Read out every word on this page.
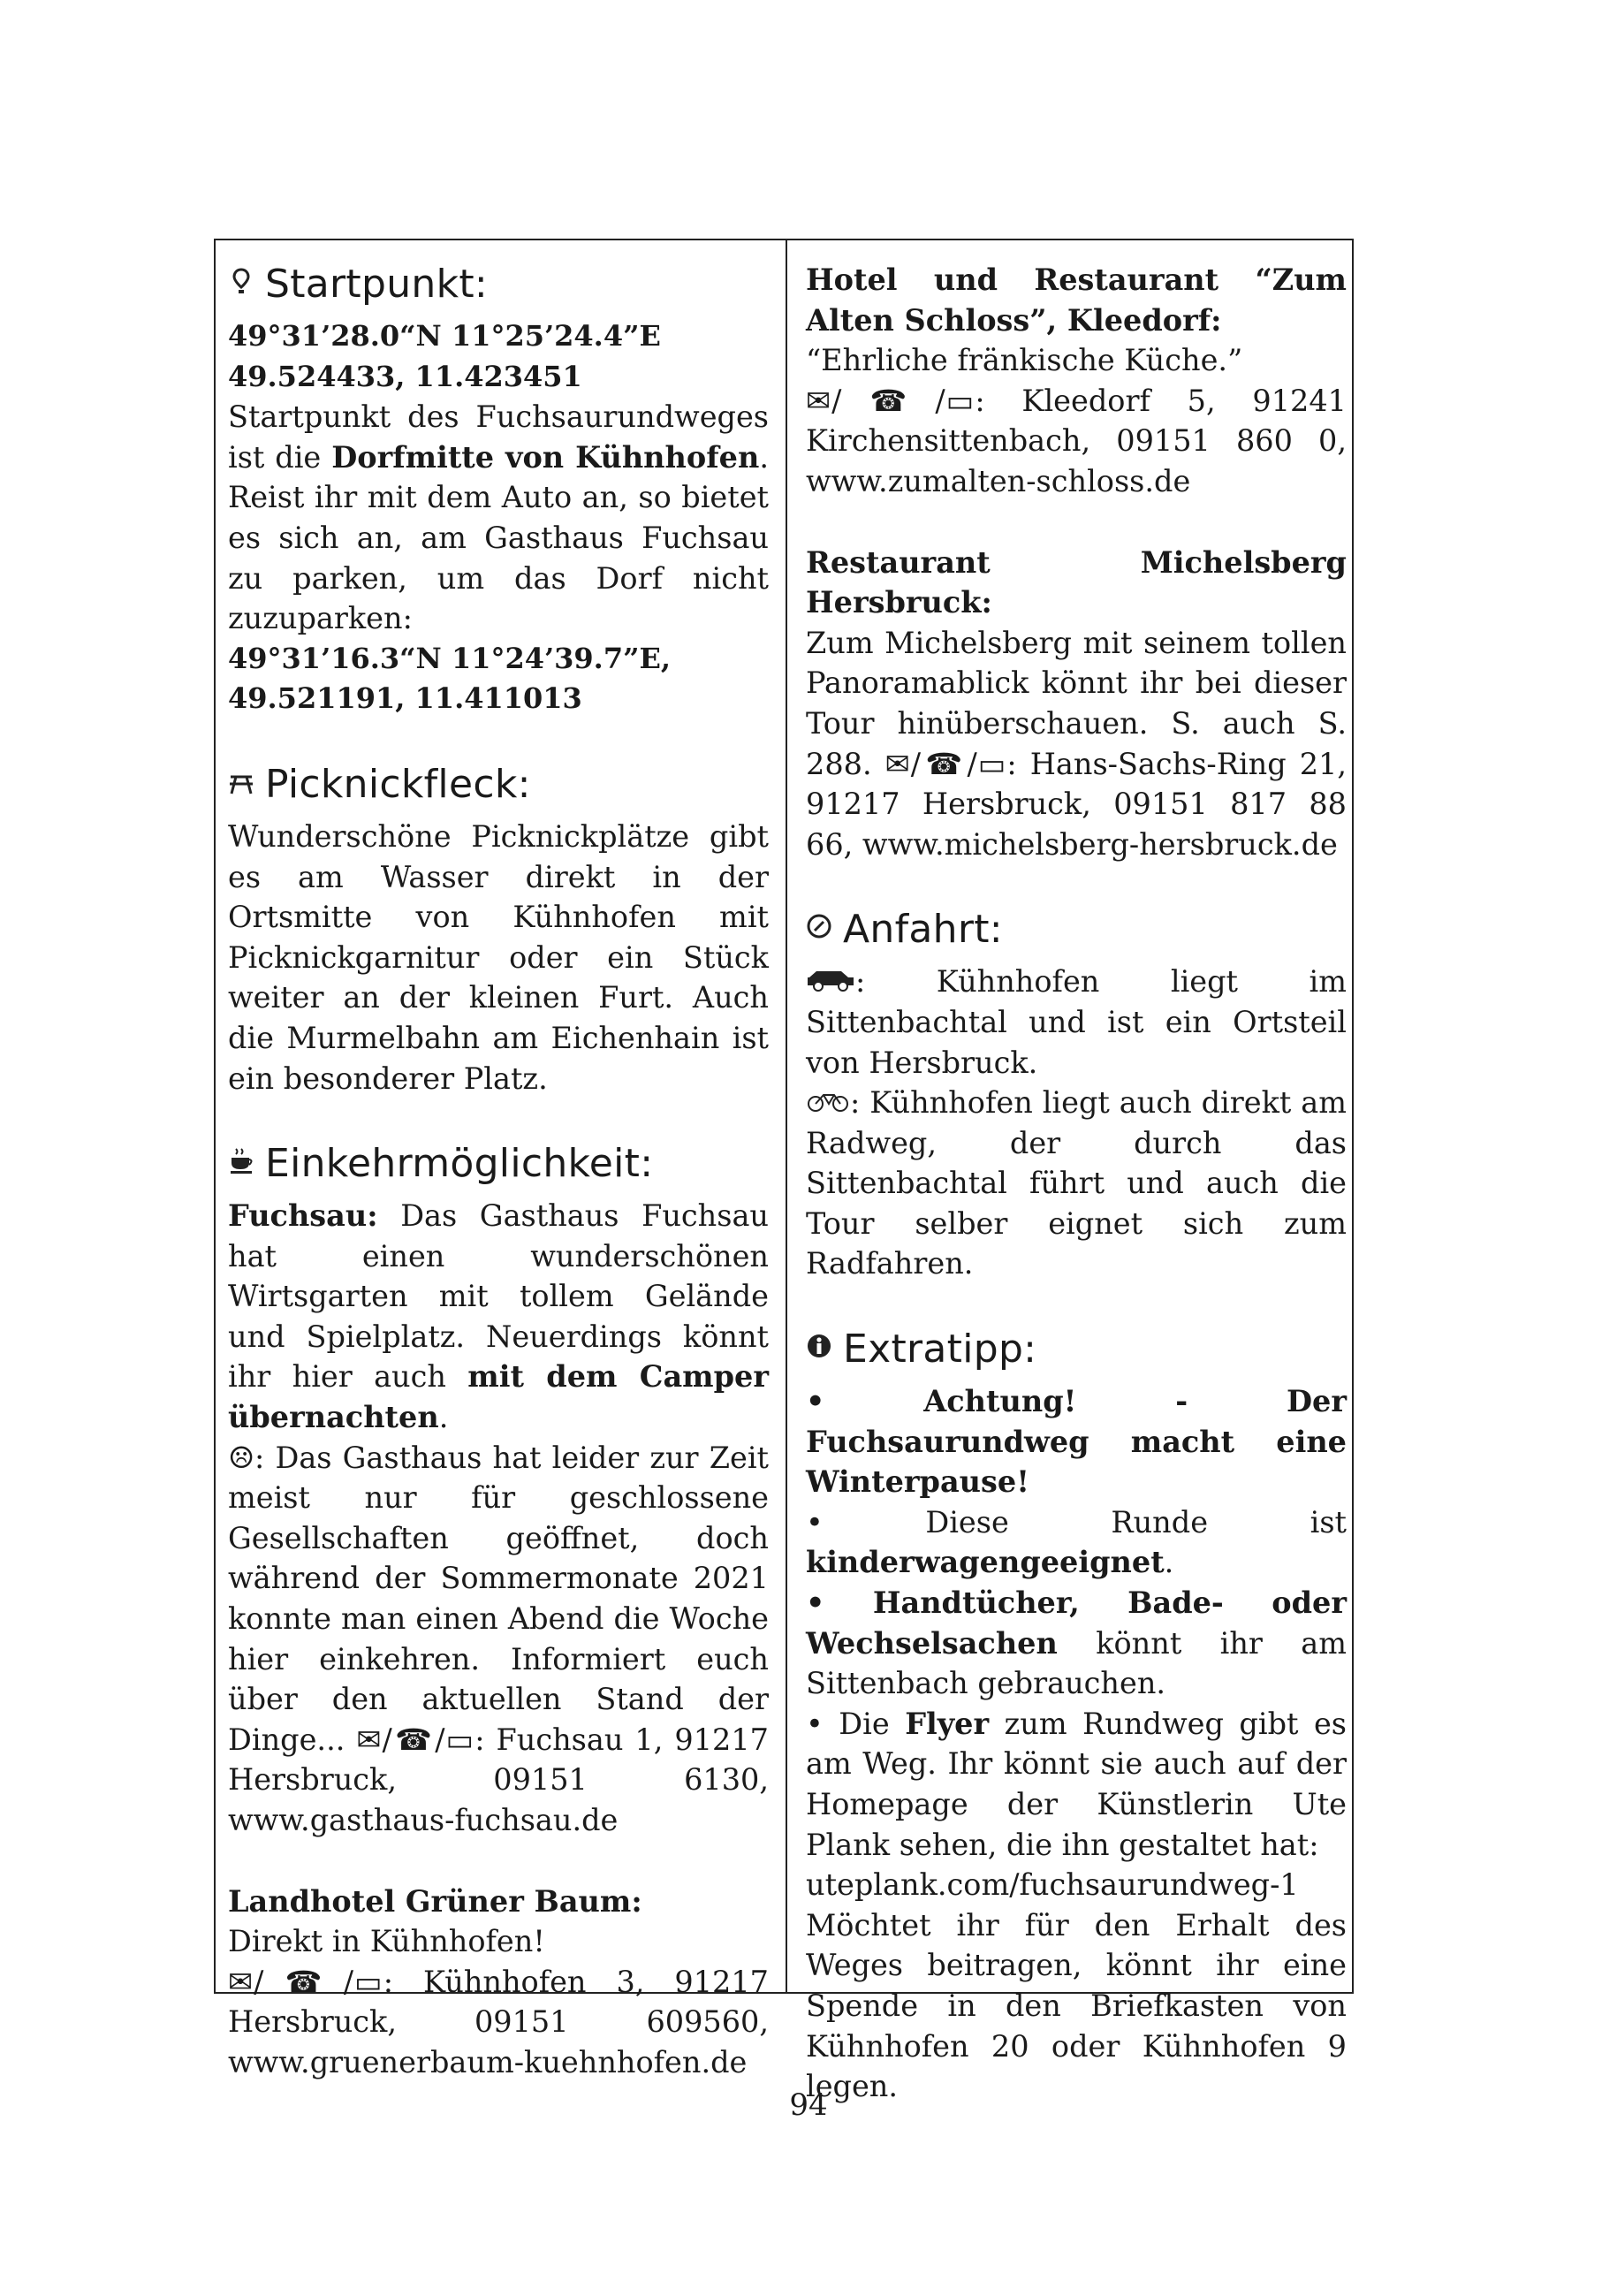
Startpunkt:

49°31’28.0“N 11°25’24.4”E

49.524433, 11.423451

Startpunkt des Fuchsaurundweges ist die Dorfmitte von Kühnhofen. Reist ihr mit dem Auto an, so bietet es sich an, am Gasthaus Fuchsau zu parken, um das Dorf nicht zuzuparken:

49°31’16.3“N 11°24’39.7”E,

49.521191, 11.411013

Picknickfleck:

Wunderschöne Picknickplätze gibt es am Wasser direkt in der Ortsmitte von Kühnhofen mit Picknickgarnitur oder ein Stück weiter an der kleinen Furt. Auch die Murmelbahn am Eichenhain ist ein besonderer Platz.

Einkehrmöglichkeit:

Fuchsau: Das Gasthaus Fuchsau hat einen wunderschönen Wirtsgarten mit tollem Gelände und Spielplatz. Neuerdings könnt ihr hier auch mit dem Camper übernachten.

☹: Das Gasthaus hat leider zur Zeit meist nur für geschlossene Gesellschaften geöffnet, doch während der Sommermonate 2021 konnte man einen Abend die Woche hier einkehren. Informiert euch über den aktuellen Stand der Dinge... ✉/☎/▭: Fuchsau 1, 91217 Hersbruck, 09151 6130, www.gasthaus-fuchsau.de

Landhotel Grüner Baum:

Direkt in Kühnhofen!

✉/☎/▭: Kühnhofen 3, 91217 Hersbruck, 09151 609560, www.gruenerbaum-kuehnhofen.de

Hotel und Restaurant “Zum Alten Schloss”, Kleedorf:

“Ehrliche fränkische Küche.”

✉/☎/▭: Kleedorf 5, 91241 Kirchensittenbach, 09151 860 0, www.zumalten-schloss.de

Restaurant Michelsberg Hersbruck:

Zum Michelsberg mit seinem tollen Panoramablick könnt ihr bei dieser Tour hinüberschauen. S. auch S. 288. ✉/☎/▭: Hans-Sachs-Ring 21, 91217 Hersbruck, 09151 817 88 66, www.michelsberg-hersbruck.de

Anfahrt:

: Kühnhofen liegt im Sittenbachtal und ist ein Ortsteil von Hersbruck.

: Kühnhofen liegt auch direkt am Radweg, der durch das Sittenbachtal führt und auch die Tour selber eignet sich zum Radfahren.

Extratipp:

• Achtung! - Der Fuchsaurundweg macht eine Winterpause!

• Diese Runde ist kinderwagengeeignet.

• Handtücher, Bade- oder Wechselsachen könnt ihr am Sittenbach gebrauchen.

• Die Flyer zum Rundweg gibt es am Weg. Ihr könnt sie auch auf der Homepage der Künstlerin Ute Plank sehen, die ihn gestaltet hat:

uteplank.com/fuchsaurundweg-1

Möchtet ihr für den Erhalt des Weges beitragen, könnt ihr eine Spende in den Briefkasten von Kühnhofen 20 oder Kühnhofen 9 legen.

94
